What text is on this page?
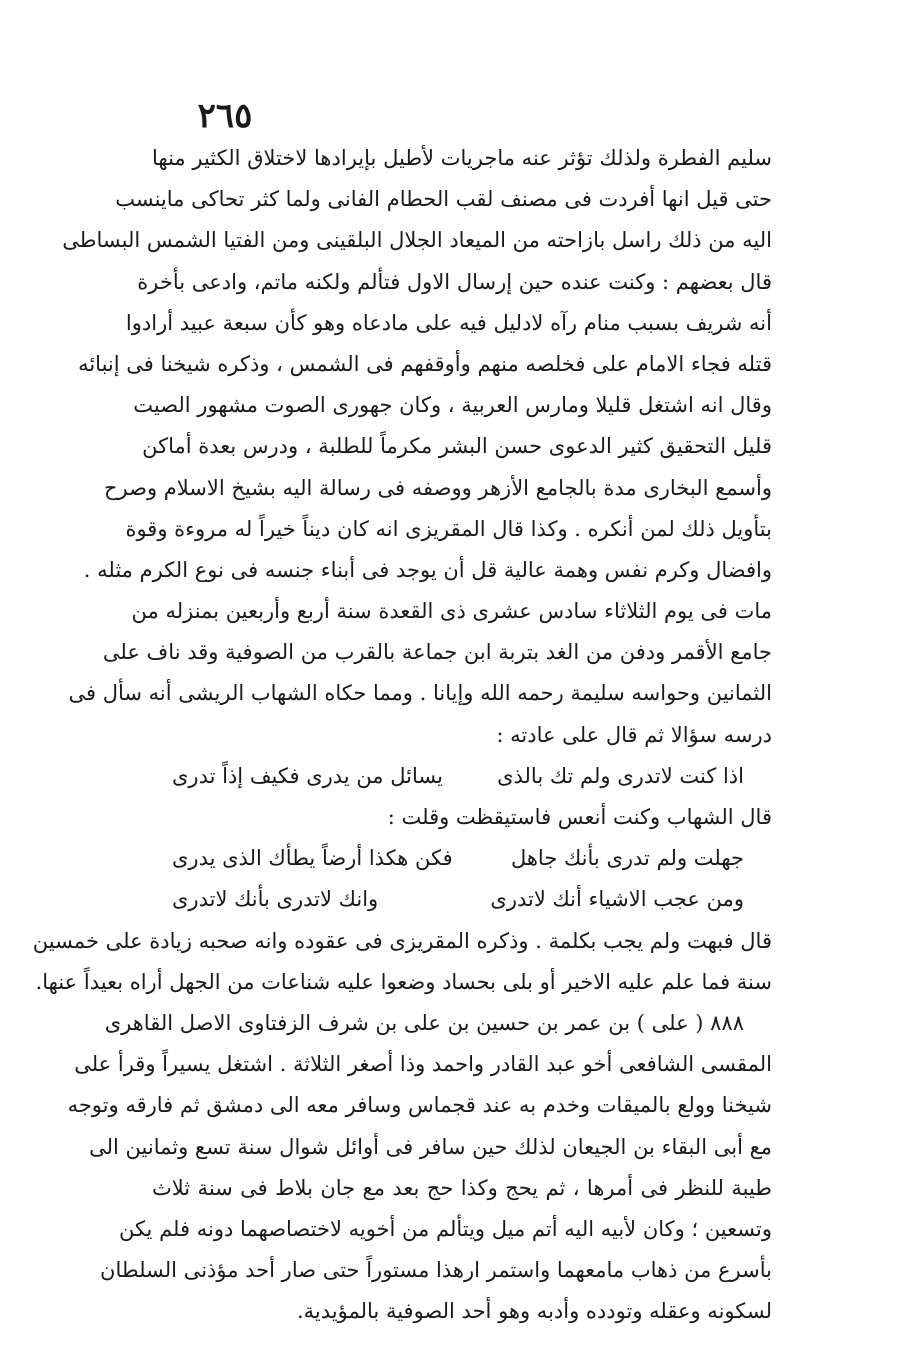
٢٦٥
سليم الفطرة ولذلك تؤثر عنه ماجريات لأطيل بإيرادها لاختلاق الكثير منها
حتى قيل انها أفردت فى مصنف لقب الحطام الفانى ولما كثر تحاكى ماينسب
اليه من ذلك راسل بازاحته من الميعاد الجلال البلقينى ومن الفتيا الشمس البساطى
قال بعضهم : وكنت عنده حين إرسال الاول فتألم ولكنه ماتم، وادعى بأخرة
أنه شريف بسبب منام رآه لادليل فيه على مادعاه وهو كأن سبعة عبيد أرادوا
قتله فجاء الامام على فخلصه منهم وأوقفهم فى الشمس ، وذكره شيخنا فى إنبائه
وقال انه اشتغل قليلا ومارس العربية ، وكان جهورى الصوت مشهور الصيت
قليل التحقيق كثير الدعوى حسن البشر مكرماً للطلبة ، ودرس بعدة أماكن
وأسمع البخارى مدة بالجامع الأزهر ووصفه فى رسالة اليه بشيخ الاسلام وصرح
بتأويل ذلك لمن أنكره . وكذا قال المقريزى انه كان ديناً خيراً له مروءة وقوة
وافضال وكرم نفس وهمة عالية قل أن يوجد فى أبناء جنسه فى نوع الكرم مثله .
مات فى يوم الثلاثاء سادس عشرى ذى القعدة سنة أربع وأربعين بمنزله من
جامع الأقمر ودفن من الغد بتربة ابن جماعة بالقرب من الصوفية وقد ناف على
الثمانين وحواسه سليمة رحمه الله وإيانا . ومما حكاه الشهاب الريشى أنه سأل فى
درسه سؤالا ثم قال على عادته :
اذا كنت لاتدرى ولم تك بالذى
يسائل من يدرى فكيف إذاً تدرى
قال الشهاب وكنت أنعس فاستيقظت وقلت :
جهلت ولم تدرى بأنك جاهل
فكن هكذا أرضاً يطأك الذى يدرى
ومن عجب الاشياء أنك لاتدرى
وانك لاتدرى بأنك لاتدرى
قال فبهت ولم يجب بكلمة . وذكره المقريزى فى عقوده وانه صحبه زيادة على خمسين
سنة فما علم عليه الاخير أو بلى بحساد وضعوا عليه شناعات من الجهل أراه بعيداً عنها.
٨٨٨ ( على ) بن عمر بن حسين بن على بن شرف الزفتاوى الاصل القاهرى
المقسى الشافعى أخو عبد القادر واحمد وذا أصغر الثلاثة . اشتغل يسيراً وقرأ على
شيخنا وولع بالميقات وخدم به عند قجماس وسافر معه الى دمشق ثم فارقه وتوجه
مع أبى البقاء بن الجيعان لذلك حين سافر فى أوائل شوال سنة تسع وثمانين الى
طيبة للنظر فى أمرها ، ثم يحج وكذا حج بعد مع جان بلاط فى سنة ثلاث
وتسعين ؛ وكان لأبيه اليه أتم ميل ويتألم من أخويه لاختصاصهما دونه فلم يكن
بأسرع من ذهاب مامعهما واستمر ارهذا مستوراً حتى صار أحد مؤذنى السلطان
لسكونه وعقله وتودده وأدبه وهو أحد الصوفية بالمؤيدية.
